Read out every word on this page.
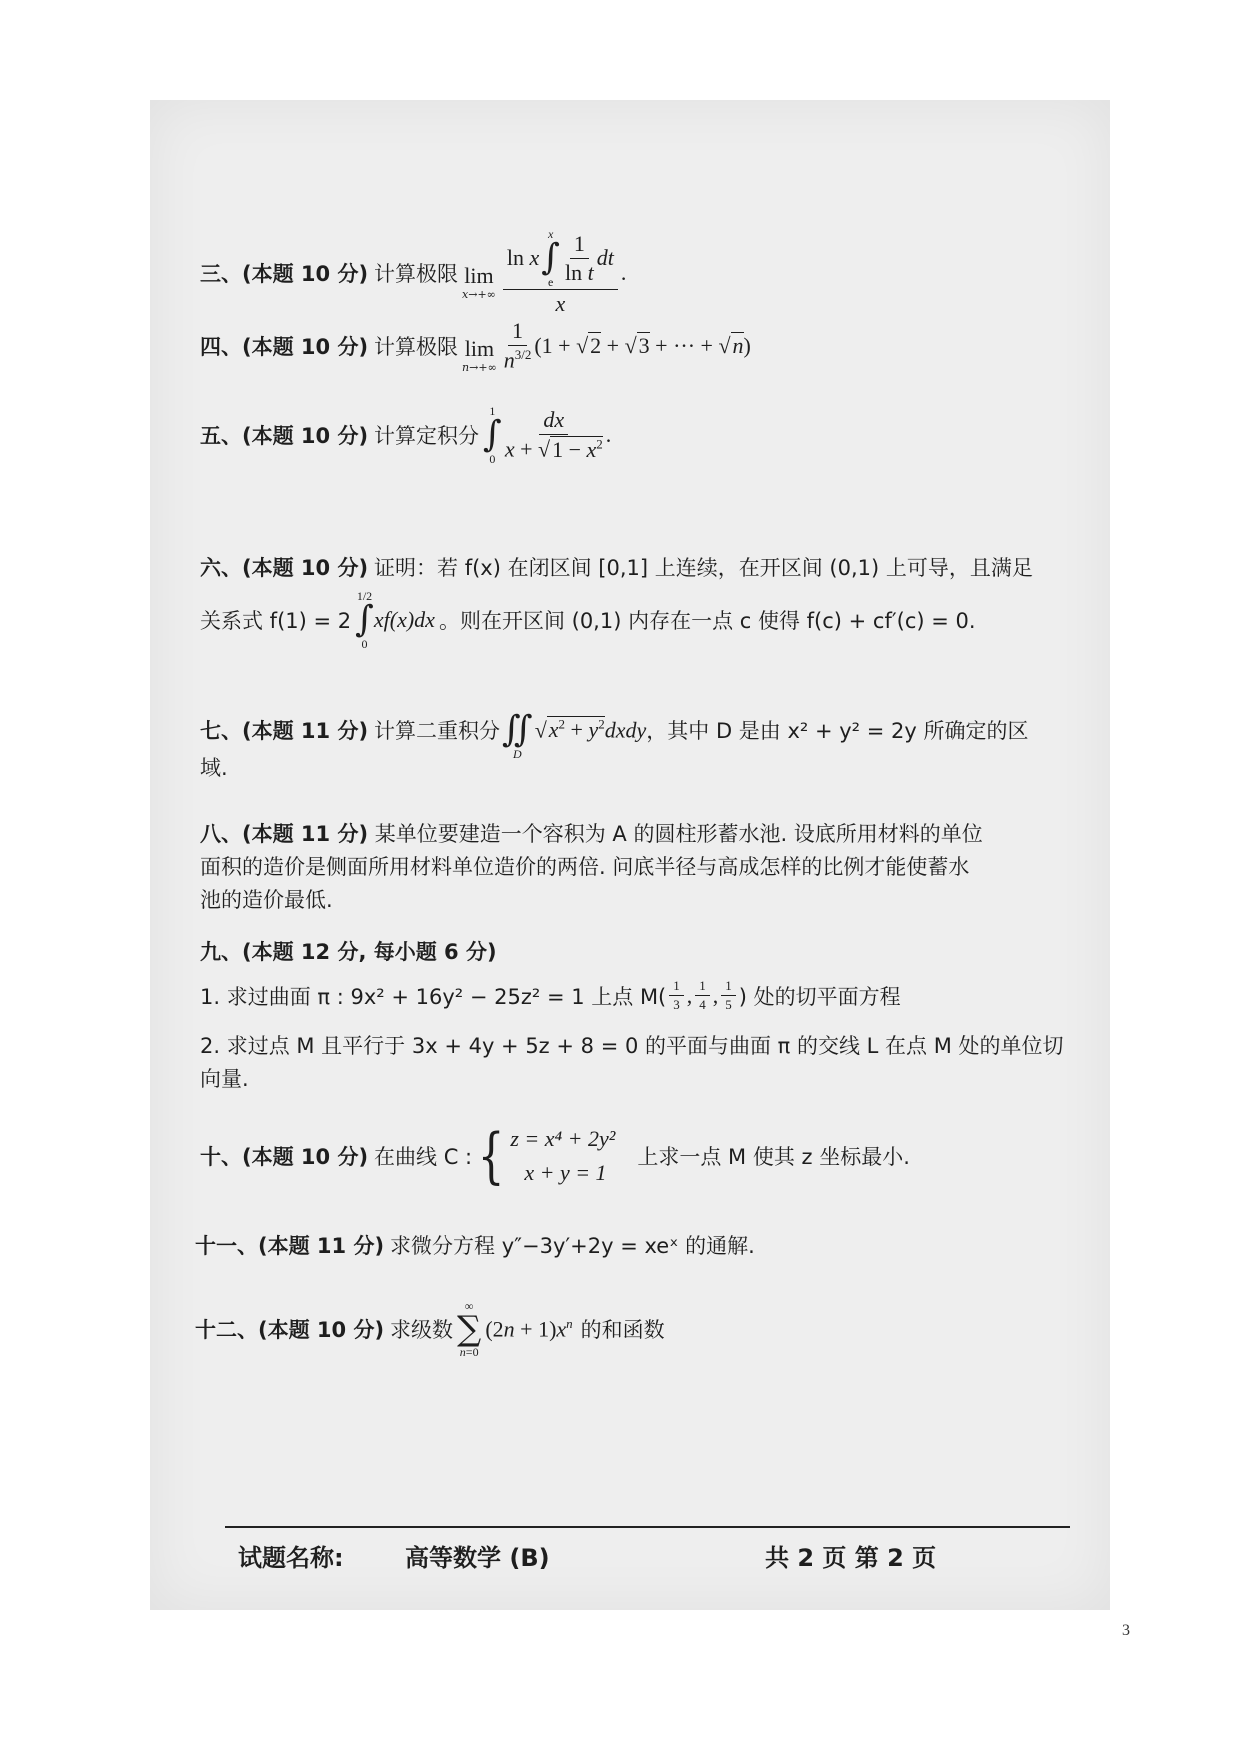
三、(本题 10 分) 计算极限 lim
x→+∞ ln x
x
∫
e $\frac{1}{\text{ln t}}$ dt
x .
四、(本题 10 分) 计算极限 lim
$n\to+\infty \frac{1}{n^{3/2}} (1 + √2 + √3$ + ··· + √n)
五、(本题 10 分) 计算定积分
1
∫
$0 \frac{dx}{x + √1 - x^2}$ .
六、(本题 10 分) 证明：若 f(x) 在闭区间 [0,1] 上连续，在开区间 (0,1) 上可导，且满足
关系式 f(1) = 2
1/2
∫
0
xf(x)dx 。则在开区间 (0,1) 内存在一点 c 使得 f(c) + cf′(c) = 0.
七、(本题 11 分) 计算二重积分
∬
D
$√x^2$ + $y^2dxdy$ ，其中 D 是由 x² + y² = 2y 所确定的区
域.
八、(本题 11 分) 某单位要建造一个容积为 A 的圆柱形蓄水池. 设底所用材料的单位
面积的造价是侧面所用材料单位造价的两倍. 问底半径与高成怎样的比例才能使蓄水
池的造价最低.
九、(本题 12 分, 每小题 6 分)
1. 求过曲面 π : 9x² + 16y² − 25z² = 1 上点 $M( \frac{1}{3}$ , $\frac{1}{4}$ , $\frac{1}{5}$ ) 处的切平面方程
2. 求过点 M 且平行于 3x + 4y + 5z + 8 = 0 的平面与曲面 π 的交线 L 在点 M 处的单位切
向量.
十、(本题 10 分) 在曲线 C : { z = x⁴ + 2y²
x + y = 1
上求一点 M 使其 z 坐标最小.
十一、(本题 11 分) 求微分方程 y″−3y′+2y = xeˣ 的通解.
十二、(本题 10 分) 求级数
∞
∑
n=0
$(2n + 1)x^n$ 的和函数
试题名称:	高等数学 (B)	共 2 页 第 2 页
3
